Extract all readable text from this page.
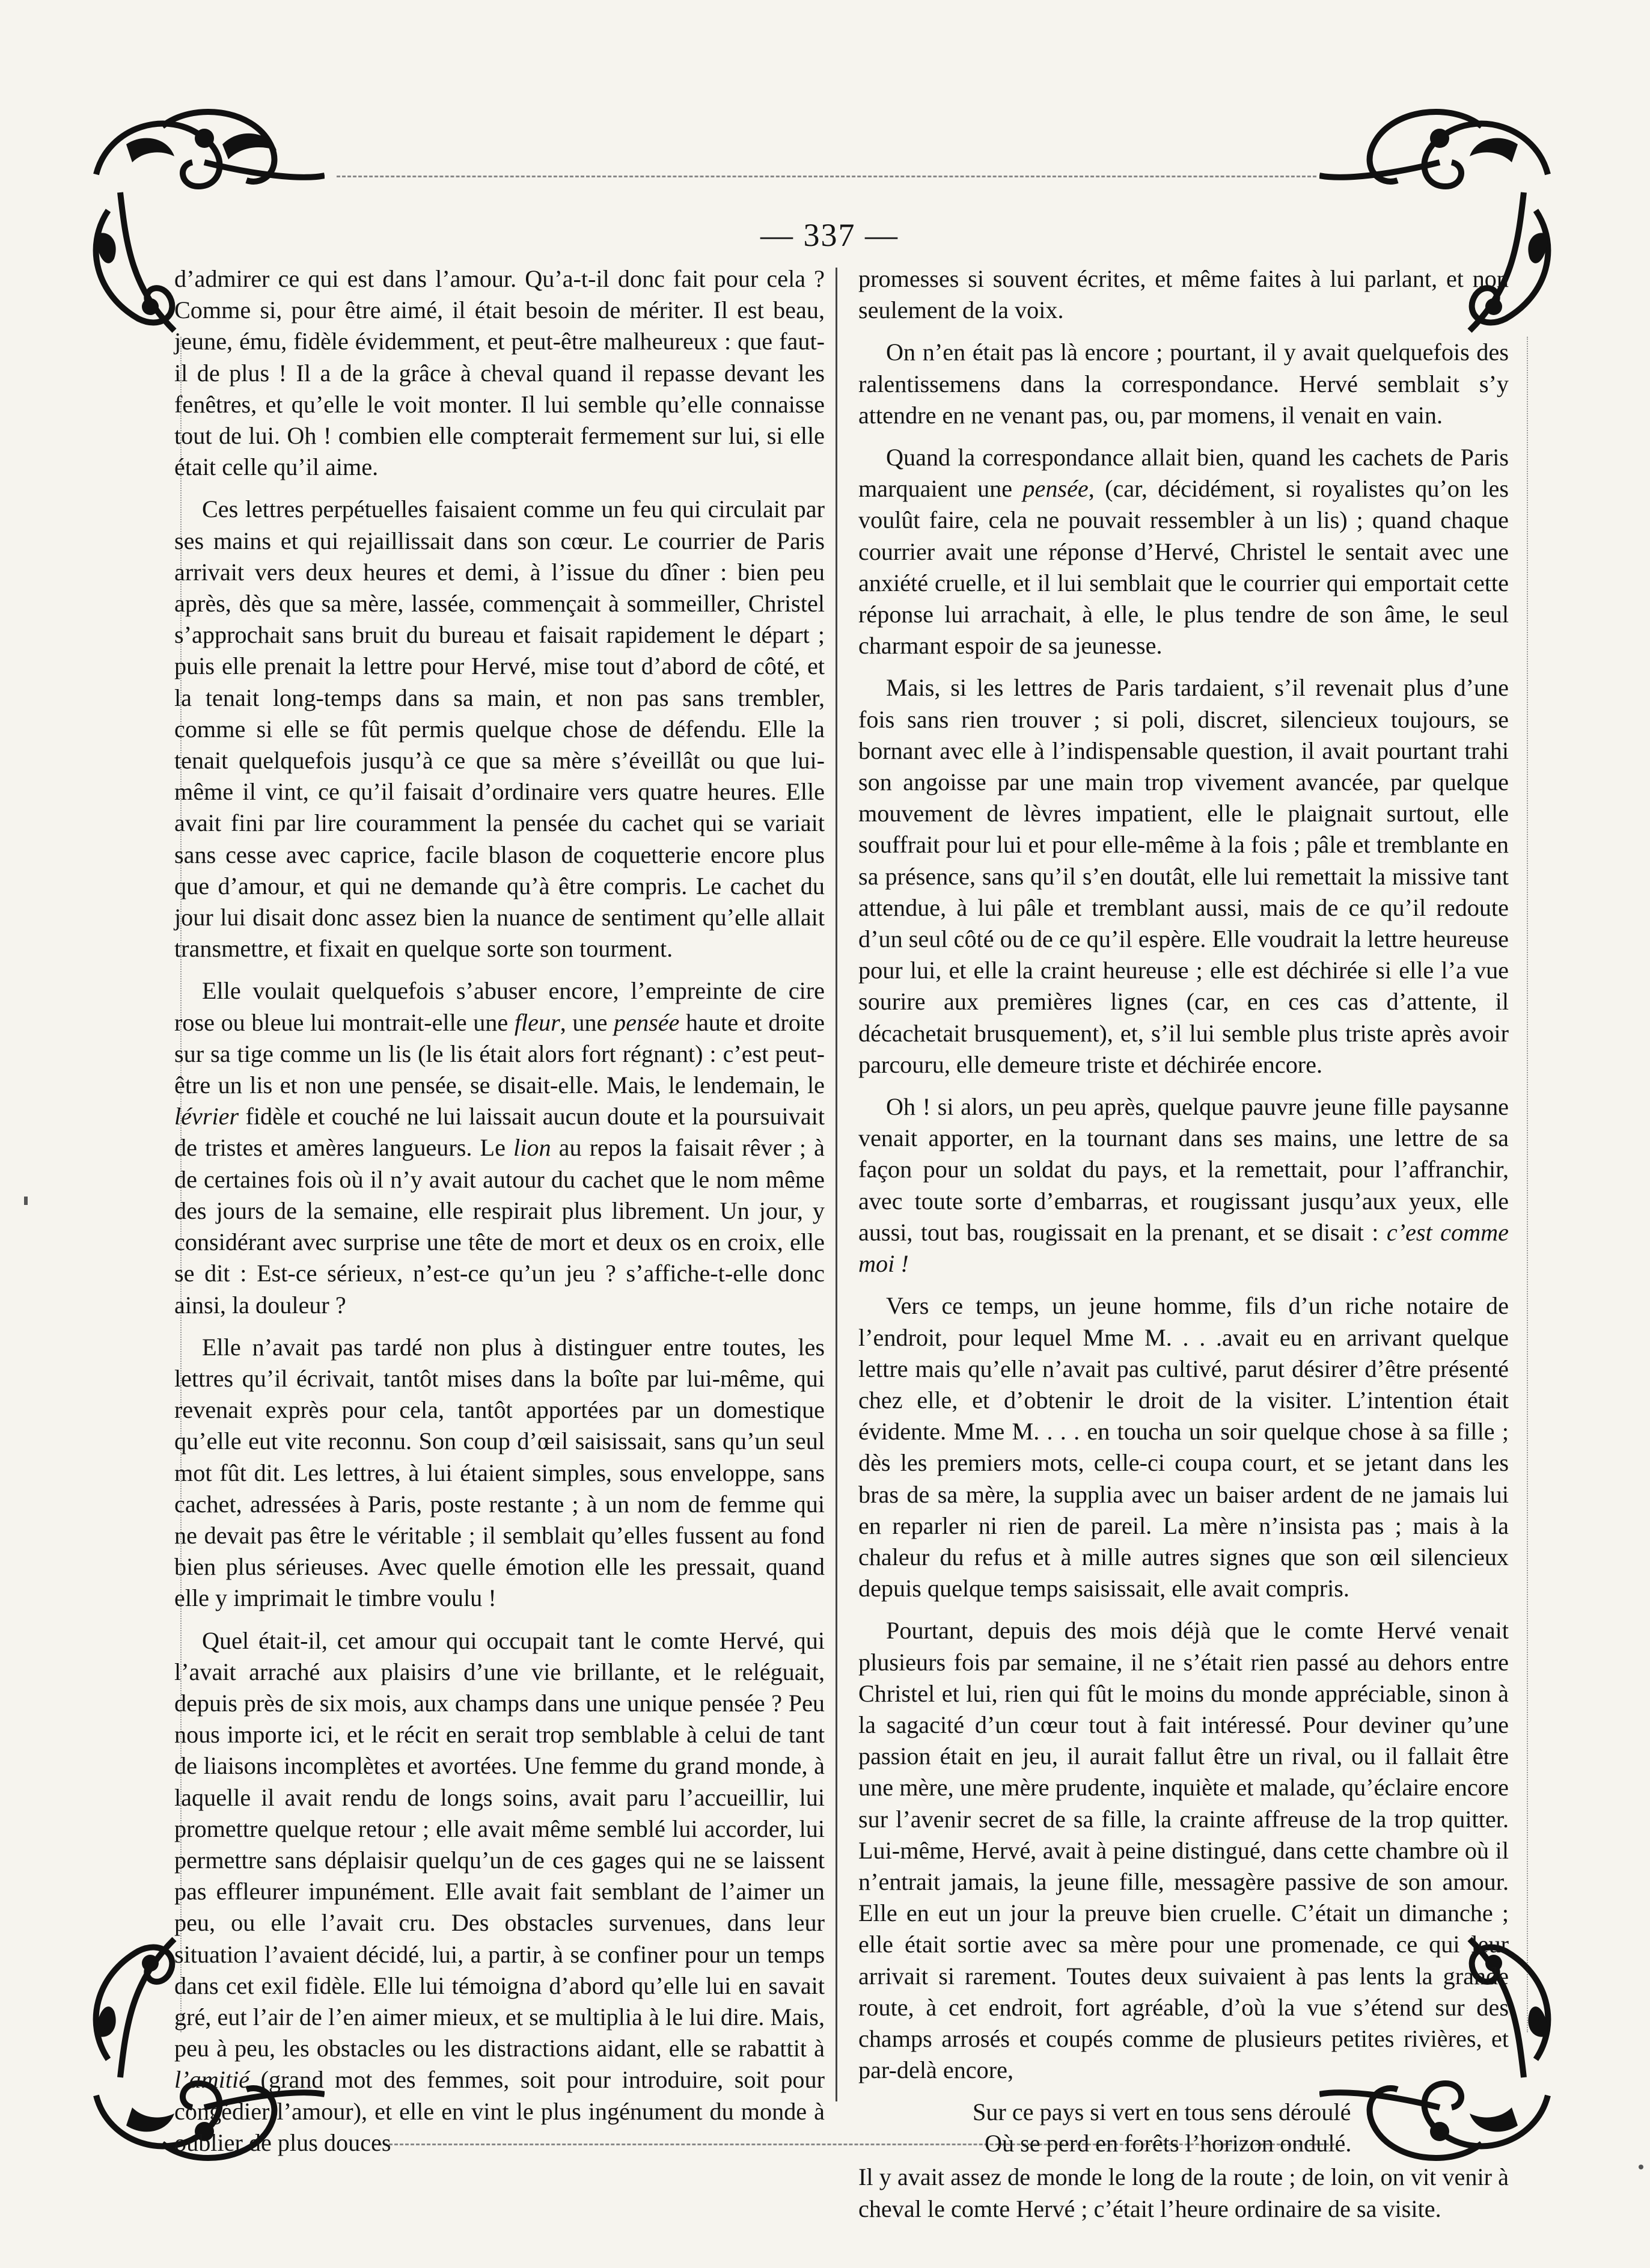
— 337 —

d’admirer ce qui est dans l’amour. Qu’a-t-il donc fait pour cela ? Comme si, pour être aimé, il était besoin de mériter. Il est beau, jeune, ému, fidèle évidemment, et peut-être malheureux : que faut-il de plus ! Il a de la grâce à cheval quand il repasse devant les fenêtres, et qu’elle le voit monter. Il lui semble qu’elle connaisse tout de lui. Oh ! combien elle compterait fermement sur lui, si elle était celle qu’il aime.

Ces lettres perpétuelles faisaient comme un feu qui circulait par ses mains et qui rejaillissait dans son cœur. Le courrier de Paris arrivait vers deux heures et demi, à l’issue du dîner : bien peu après, dès que sa mère, lassée, commençait à sommeiller, Christel s’approchait sans bruit du bureau et faisait rapidement le départ ; puis elle prenait la lettre pour Hervé, mise tout d’abord de côté, et la tenait long-temps dans sa main, et non pas sans trembler, comme si elle se fût permis quelque chose de défendu. Elle la tenait quelquefois jusqu’à ce que sa mère s’éveillât ou que lui-même il vint, ce qu’il faisait d’ordinaire vers quatre heures. Elle avait fini par lire couramment la pensée du cachet qui se variait sans cesse avec caprice, facile blason de coquetterie encore plus que d’amour, et qui ne demande qu’à être compris. Le cachet du jour lui disait donc assez bien la nuance de sentiment qu’elle allait transmettre, et fixait en quelque sorte son tourment.

Elle voulait quelquefois s’abuser encore, l’empreinte de cire rose ou bleue lui montrait-elle une fleur, une pensée haute et droite sur sa tige comme un lis (le lis était alors fort régnant) : c’est peut-être un lis et non une pensée, se disait-elle. Mais, le lendemain, le lévrier fidèle et couché ne lui laissait aucun doute et la poursuivait de tristes et amères langueurs. Le lion au repos la faisait rêver ; à de certaines fois où il n’y avait autour du cachet que le nom même des jours de la semaine, elle respirait plus librement. Un jour, y considérant avec surprise une tête de mort et deux os en croix, elle se dit : Est-ce sérieux, n’est-ce qu’un jeu ? s’affiche-t-elle donc ainsi, la douleur ?

Elle n’avait pas tardé non plus à distinguer entre toutes, les lettres qu’il écrivait, tantôt mises dans la boîte par lui-même, qui revenait exprès pour cela, tantôt apportées par un domestique qu’elle eut vite reconnu. Son coup d’œil saisissait, sans qu’un seul mot fût dit. Les lettres, à lui étaient simples, sous enveloppe, sans cachet, adressées à Paris, poste restante ; à un nom de femme qui ne devait pas être le véritable ; il semblait qu’elles fussent au fond bien plus sérieuses. Avec quelle émotion elle les pressait, quand elle y imprimait le timbre voulu !

Quel était-il, cet amour qui occupait tant le comte Hervé, qui l’avait arraché aux plaisirs d’une vie brillante, et le reléguait, depuis près de six mois, aux champs dans une unique pensée ? Peu nous importe ici, et le récit en serait trop semblable à celui de tant de liaisons incomplètes et avortées. Une femme du grand monde, à laquelle il avait rendu de longs soins, avait paru l’accueillir, lui promettre quelque retour ; elle avait même semblé lui accorder, lui permettre sans déplaisir quelqu’un de ces gages qui ne se laissent pas effleurer impunément. Elle avait fait semblant de l’aimer un peu, ou elle l’avait cru. Des obstacles survenues, dans leur situation l’avaient décidé, lui, a partir, à se confiner pour un temps dans cet exil fidèle. Elle lui témoigna d’abord qu’elle lui en savait gré, eut l’air de l’en aimer mieux, et se multiplia à le lui dire. Mais, peu à peu, les obstacles ou les distractions aidant, elle se rabattit à l’amitié (grand mot des femmes, soit pour introduire, soit pour congédier l’amour), et elle en vint le plus ingénument du monde à oublier de plus douces

promesses si souvent écrites, et même faites à lui parlant, et non seulement de la voix.

On n’en était pas là encore ; pourtant, il y avait quelquefois des ralentissemens dans la correspondance. Hervé semblait s’y attendre en ne venant pas, ou, par momens, il venait en vain.

Quand la correspondance allait bien, quand les cachets de Paris marquaient une pensée, (car, décidément, si royalistes qu’on les voulût faire, cela ne pouvait ressembler à un lis) ; quand chaque courrier avait une réponse d’Hervé, Christel le sentait avec une anxiété cruelle, et il lui semblait que le courrier qui emportait cette réponse lui arrachait, à elle, le plus tendre de son âme, le seul charmant espoir de sa jeunesse.

Mais, si les lettres de Paris tardaient, s’il revenait plus d’une fois sans rien trouver ; si poli, discret, silencieux toujours, se bornant avec elle à l’indispensable question, il avait pourtant trahi son angoisse par une main trop vivement avancée, par quelque mouvement de lèvres impatient, elle le plaignait surtout, elle souffrait pour lui et pour elle-même à la fois ; pâle et tremblante en sa présence, sans qu’il s’en doutât, elle lui remettait la missive tant attendue, à lui pâle et tremblant aussi, mais de ce qu’il redoute d’un seul côté ou de ce qu’il espère. Elle voudrait la lettre heureuse pour lui, et elle la craint heureuse ; elle est déchirée si elle l’a vue sourire aux premières lignes (car, en ces cas d’attente, il décachetait brusquement), et, s’il lui semble plus triste après avoir parcouru, elle demeure triste et déchirée encore.

Oh ! si alors, un peu après, quelque pauvre jeune fille paysanne venait apporter, en la tournant dans ses mains, une lettre de sa façon pour un soldat du pays, et la remettait, pour l’affranchir, avec toute sorte d’embarras, et rougissant jusqu’aux yeux, elle aussi, tout bas, rougissait en la prenant, et se disait : c’est comme moi !

Vers ce temps, un jeune homme, fils d’un riche notaire de l’endroit, pour lequel Mme M. . . .avait eu en arrivant quelque lettre mais qu’elle n’avait pas cultivé, parut désirer d’être présenté chez elle, et d’obtenir le droit de la visiter. L’intention était évidente. Mme M. . . . en toucha un soir quelque chose à sa fille ; dès les premiers mots, celle-ci coupa court, et se jetant dans les bras de sa mère, la supplia avec un baiser ardent de ne jamais lui en reparler ni rien de pareil. La mère n’insista pas ; mais à la chaleur du refus et à mille autres signes que son œil silencieux depuis quelque temps saisissait, elle avait compris.

Pourtant, depuis des mois déjà que le comte Hervé venait plusieurs fois par semaine, il ne s’était rien passé au dehors entre Christel et lui, rien qui fût le moins du monde appréciable, sinon à la sagacité d’un cœur tout à fait intéressé. Pour deviner qu’une passion était en jeu, il aurait fallut être un rival, ou il fallait être une mère, une mère prudente, inquiète et malade, qu’éclaire encore sur l’avenir secret de sa fille, la crainte affreuse de la trop quitter. Lui-même, Hervé, avait à peine distingué, dans cette chambre où il n’entrait jamais, la jeune fille, messagère passive de son amour. Elle en eut un jour la preuve bien cruelle. C’était un dimanche ; elle était sortie avec sa mère pour une promenade, ce qui leur arrivait si rarement. Toutes deux suivaient à pas lents la grande route, à cet endroit, fort agréable, d’où la vue s’étend sur des champs arrosés et coupés comme de plusieurs petites rivières, et par-delà encore,

Sur ce pays si vert en tous sens déroulé
Où se perd en forêts l’horizon ondulé.

Il y avait assez de monde le long de la route ; de loin, on vit venir à cheval le comte Hervé ; c’était l’heure ordinaire de sa visite.
